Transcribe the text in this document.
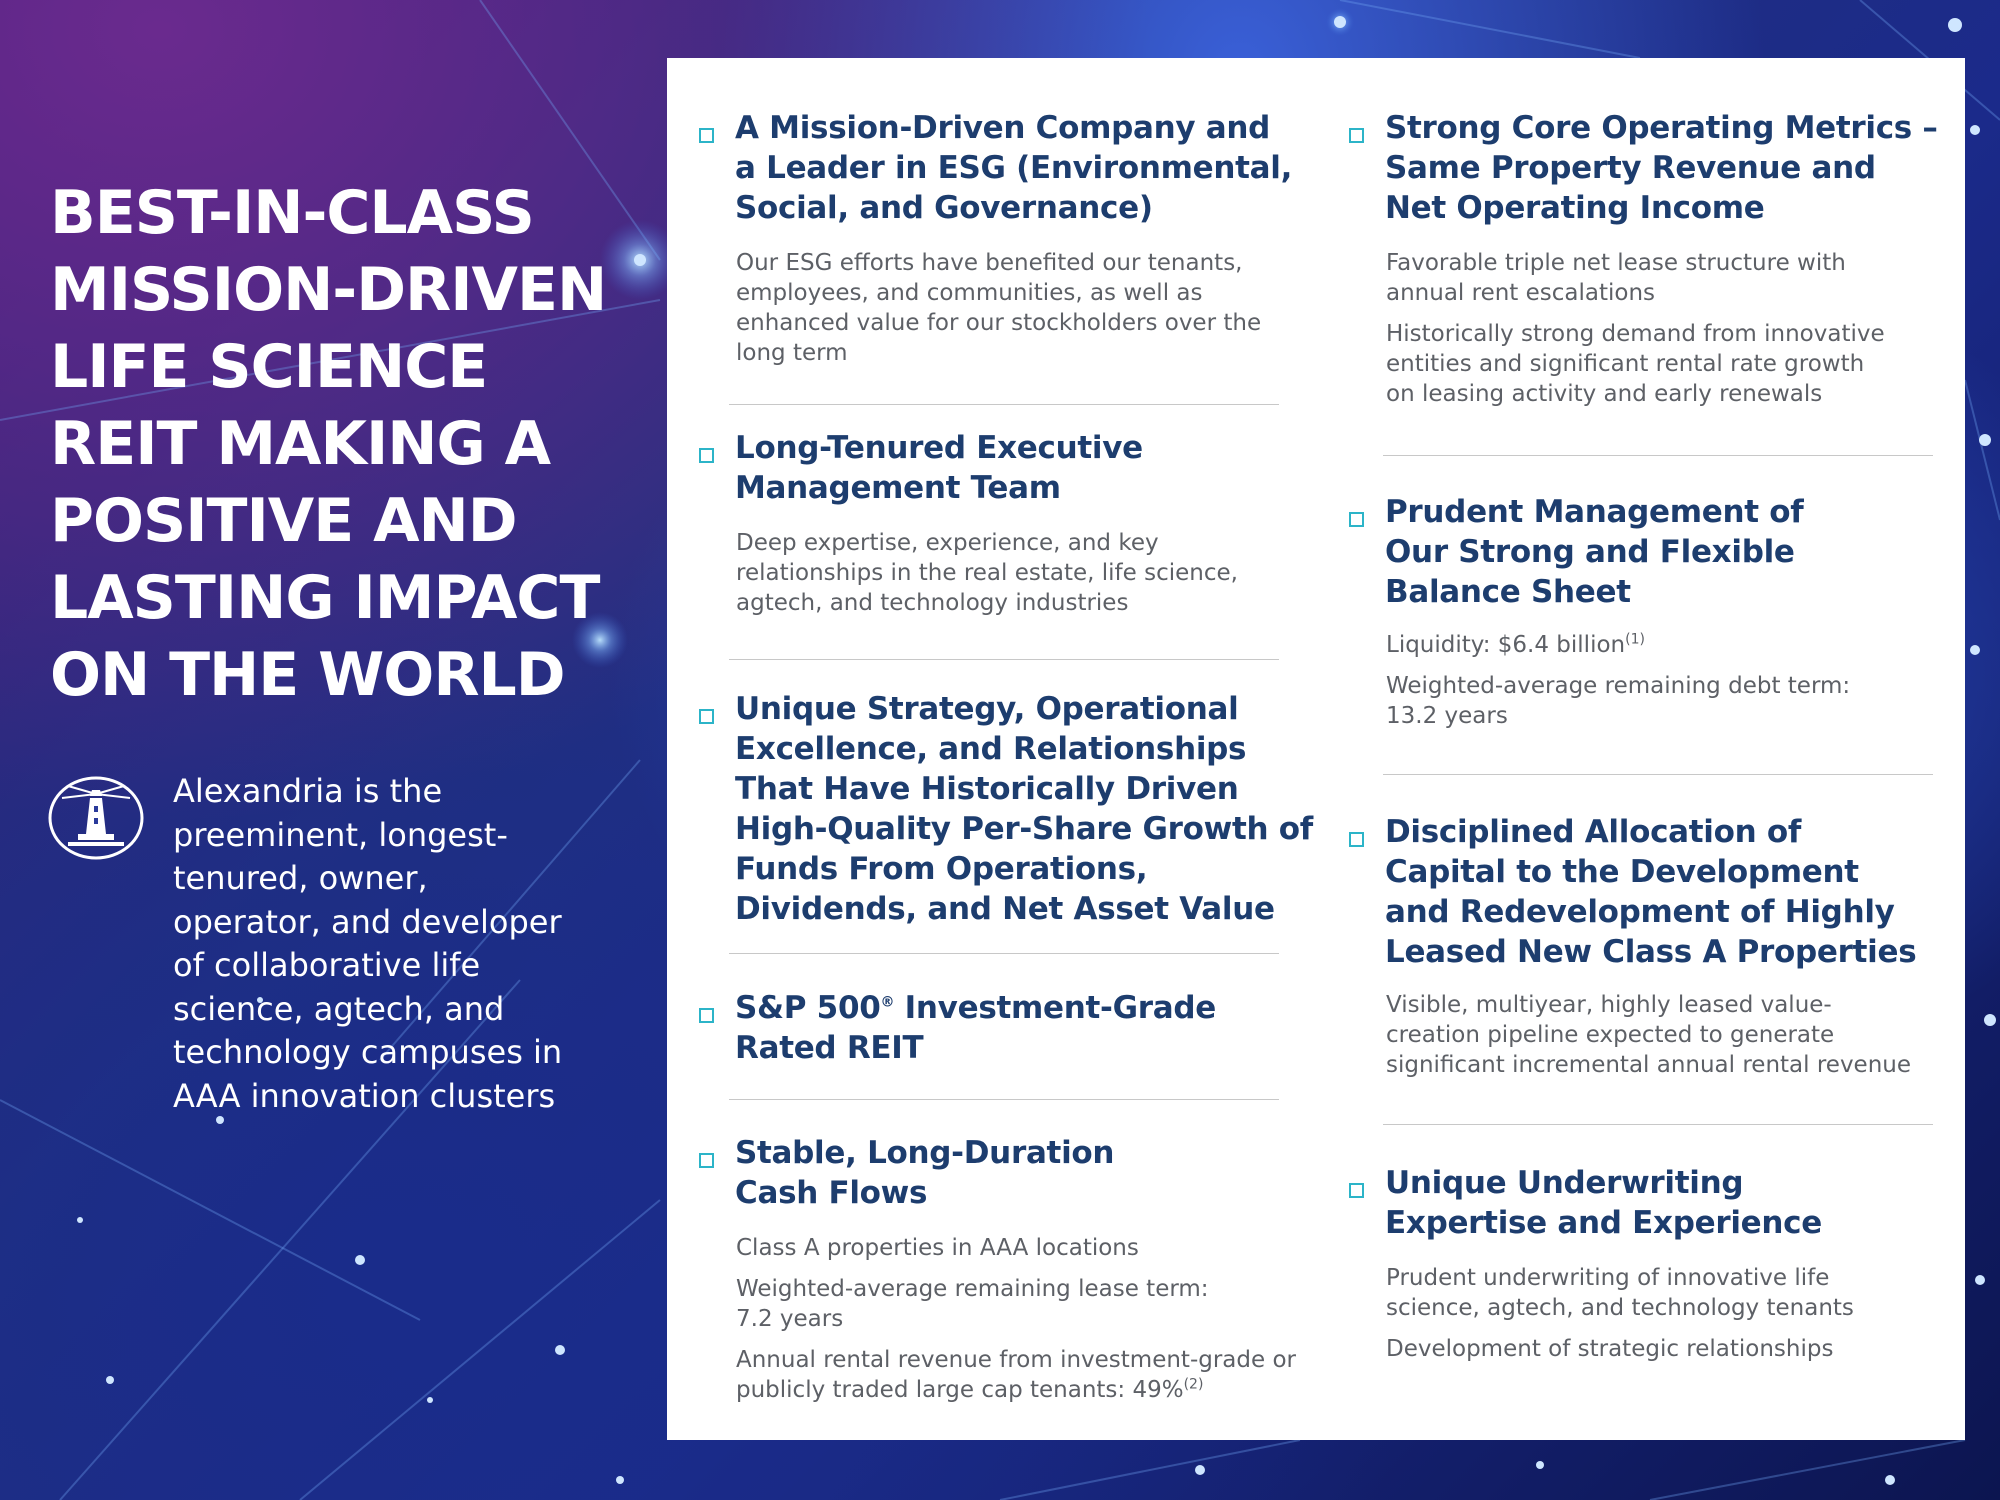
BEST-IN-CLASS
MISSION-DRIVEN
LIFE SCIENCE
REIT MAKING A
POSITIVE AND
LASTING IMPACT
ON THE WORLD
Alexandria is the
preeminent, longest-
tenured, owner,
operator, and developer
of collaborative life
science, agtech, and
technology campuses in
AAA innovation clusters
A Mission-Driven Company and
a Leader in ESG (Environmental,
Social, and Governance)
Our ESG efforts have benefited our tenants,
employees, and communities, as well as
enhanced value for our stockholders over the
long term
Long-Tenured Executive
Management Team
Deep expertise, experience, and key
relationships in the real estate, life science,
agtech, and technology industries
Unique Strategy, Operational
Excellence, and Relationships
That Have Historically Driven
High-Quality Per-Share Growth of
Funds From Operations,
Dividends, and Net Asset Value
S&P 500® Investment-Grade
Rated REIT
Stable, Long-Duration
Cash Flows
Class A properties in AAA locations
Weighted-average remaining lease term:
7.2 years
Annual rental revenue from investment-grade or
publicly traded large cap tenants: 49%$^{(2)}$
Strong Core Operating Metrics –
Same Property Revenue and
Net Operating Income
Favorable triple net lease structure with
annual rent escalations
Historically strong demand from innovative
entities and significant rental rate growth
on leasing activity and early renewals
Prudent Management of
Our Strong and Flexible
Balance Sheet
Liquidity: $6.4 billion$^{(1)}$
Weighted-average remaining debt term:
13.2 years
Disciplined Allocation of
Capital to the Development
and Redevelopment of Highly
Leased New Class A Properties
Visible, multiyear, highly leased value-
creation pipeline expected to generate
significant incremental annual rental revenue
Unique Underwriting
Expertise and Experience
Prudent underwriting of innovative life
science, agtech, and technology tenants
Development of strategic relationships
